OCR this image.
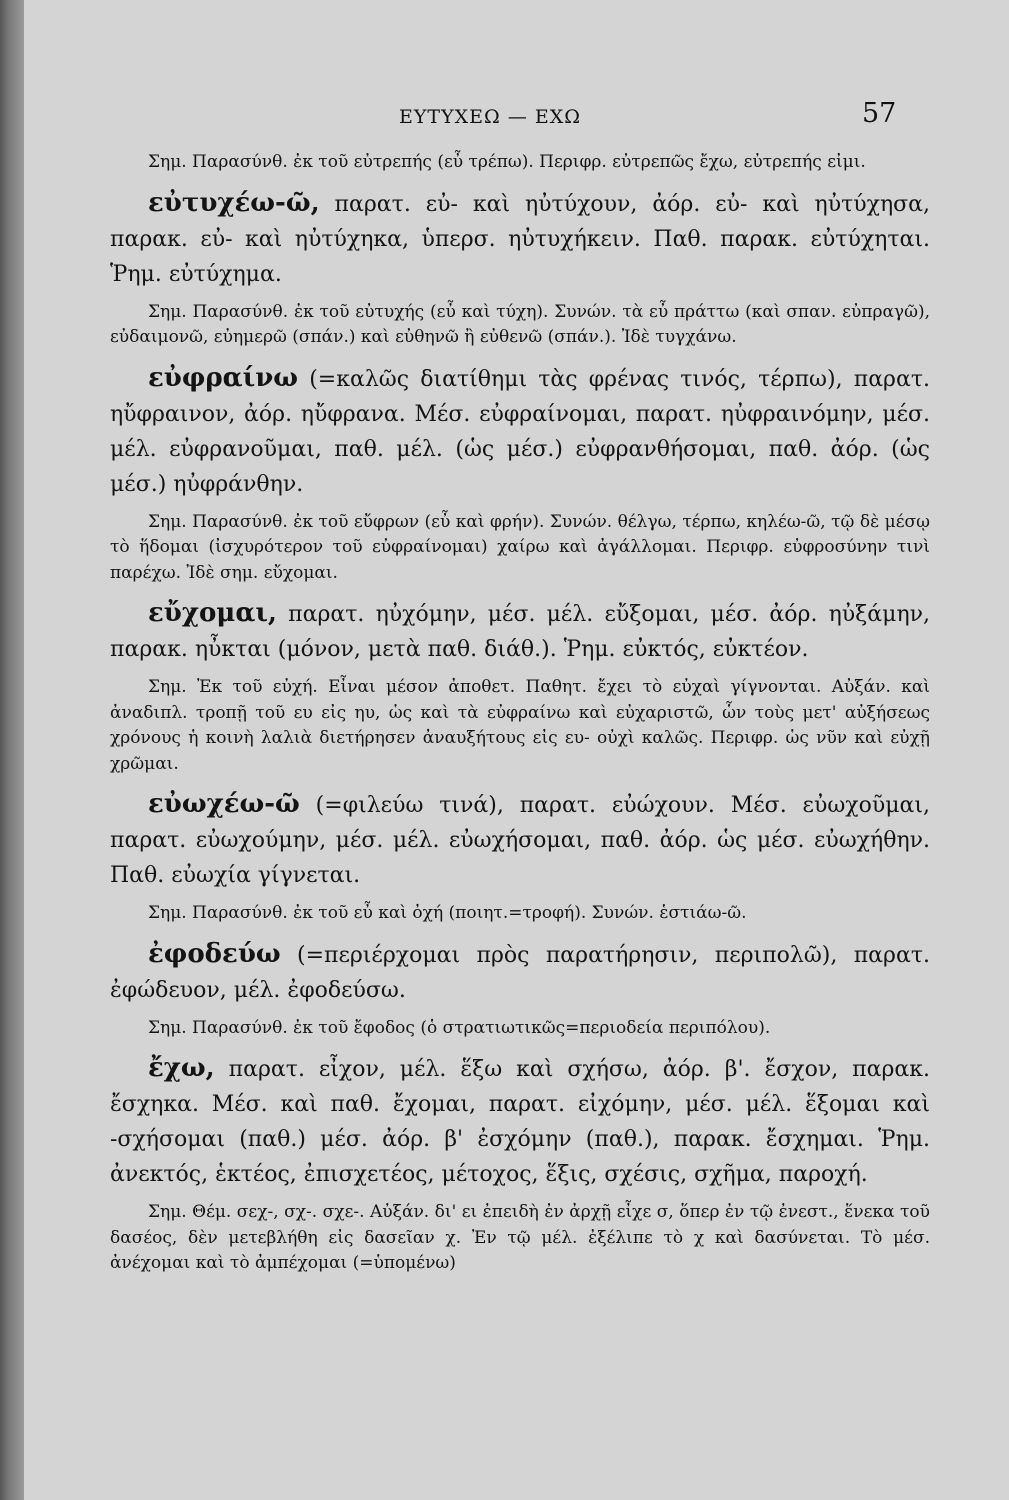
ΕΥΤΥΧΕΩ — ΕΧΩ	57

Σημ. Παρασύνθ. ἐκ τοῦ εὐτρεπής (εὖ τρέπω). Περιφρ. εὐτρεπῶς ἔχω, εὐτρεπής εἰμι.

εὐτυχέω-ῶ, παρατ. εὐ- καὶ ηὐτύχουν, ἀόρ. εὐ- καὶ ηὐτύχησα, παρακ. εὐ- καὶ ηὐτύχηκα, ὑπερσ. ηὐτυχήκειν. Παθ. παρακ. εὐτύχηται. Ῥημ. εὐτύχημα.

Σημ. Παρασύνθ. ἐκ τοῦ εὐτυχής (εὖ καὶ τύχη). Συνών. τὰ εὖ πράττω (καὶ σπαν. εὐπραγῶ), εὐδαιμονῶ, εὐημερῶ (σπάν.) καὶ εὐθηνῶ ἢ εὐθενῶ (σπάν.). Ἰδὲ τυγχάνω.

εὐφραίνω (=καλῶς διατίθημι τὰς φρένας τινός, τέρπω), παρατ. ηὔφραινον, ἀόρ. ηὔφρανα. Μέσ. εὐφραίνομαι, παρατ. ηὐφραινόμην, μέσ. μέλ. εὐφρανοῦμαι, παθ. μέλ. (ὡς μέσ.) εὐφρανθήσομαι, παθ. ἀόρ. (ὡς μέσ.) ηὐφράνθην.

Σημ. Παρασύνθ. ἐκ τοῦ εὔφρων (εὖ καὶ φρήν). Συνών. θέλγω, τέρπω, κηλέω-ῶ, τῷ δὲ μέσῳ τὸ ἥδομαι (ἰσχυρότερον τοῦ εὐφραίνομαι) χαίρω καὶ ἀγάλλομαι. Περιφρ. εὐφροσύνην τινὶ παρέχω. Ἰδὲ σημ. εὔχομαι.

εὔχομαι, παρατ. ηὐχόμην, μέσ. μέλ. εὔξομαι, μέσ. ἀόρ. ηὐξάμην, παρακ. ηὖκται (μόνον, μετὰ παθ. διάθ.). Ῥημ. εὐκτός, εὐκτέον.

Σημ. Ἐκ τοῦ εὐχή. Εἶναι μέσον ἀποθετ. Παθητ. ἔχει τὸ εὐχαὶ γίγνονται. Αὐξάν. καὶ ἀναδιπλ. τροπῇ τοῦ ευ εἰς ηυ, ὡς καὶ τὰ εὐφραίνω καὶ εὐχαριστῶ, ὧν τοὺς μετ' αὐξήσεως χρόνους ἡ κοινὴ λαλιὰ διετήρησεν ἀναυξήτους εἰς ευ- οὐχὶ καλῶς. Περιφρ. ὡς νῦν καὶ εὐχῇ χρῶμαι.

εὐωχέω-ῶ (=φιλεύω τινά), παρατ. εὐώχουν. Μέσ. εὐωχοῦμαι, παρατ. εὐωχούμην, μέσ. μέλ. εὐωχήσομαι, παθ. ἀόρ. ὡς μέσ. εὐωχήθην. Παθ. εὐωχία γίγνεται.

Σημ. Παρασύνθ. ἐκ τοῦ εὖ καὶ ὀχή (ποιητ.=τροφή). Συνών. ἑστιάω-ῶ.

ἐφοδεύω (=περιέρχομαι πρὸς παρατήρησιν, περιπολῶ), παρατ. ἐφώδευον, μέλ. ἐφοδεύσω.

Σημ. Παρασύνθ. ἐκ τοῦ ἔφοδος (ὁ στρατιωτικῶς=περιοδεία περιπόλου).

ἔχω, παρατ. εἶχον, μέλ. ἕξω καὶ σχήσω, ἀόρ. β'. ἔσχον, παρακ. ἔσχηκα. Μέσ. καὶ παθ. ἔχομαι, παρατ. εἰχόμην, μέσ. μέλ. ἕξομαι καὶ -σχήσομαι (παθ.) μέσ. ἀόρ. β' ἐσχόμην (παθ.), παρακ. ἔσχημαι. Ῥημ. ἀνεκτός, ἑκτέος, ἐπισχετέος, μέτοχος, ἕξις, σχέσις, σχῆμα, παροχή.

Σημ. Θέμ. σεχ-, σχ-. σχε-. Αὐξάν. δι' ει ἐπειδὴ ἐν ἀρχῇ εἶχε σ, ὅπερ ἐν τῷ ἐνεστ., ἕνεκα τοῦ δασέος, δὲν μετεβλήθη εἰς δασεῖαν χ. Ἐν τῷ μέλ. ἐξέλιπε τὸ χ καὶ δασύνεται. Τὸ μέσ. ἀνέχομαι καὶ τὸ ἀμπέχομαι (=ὑπομένω)
